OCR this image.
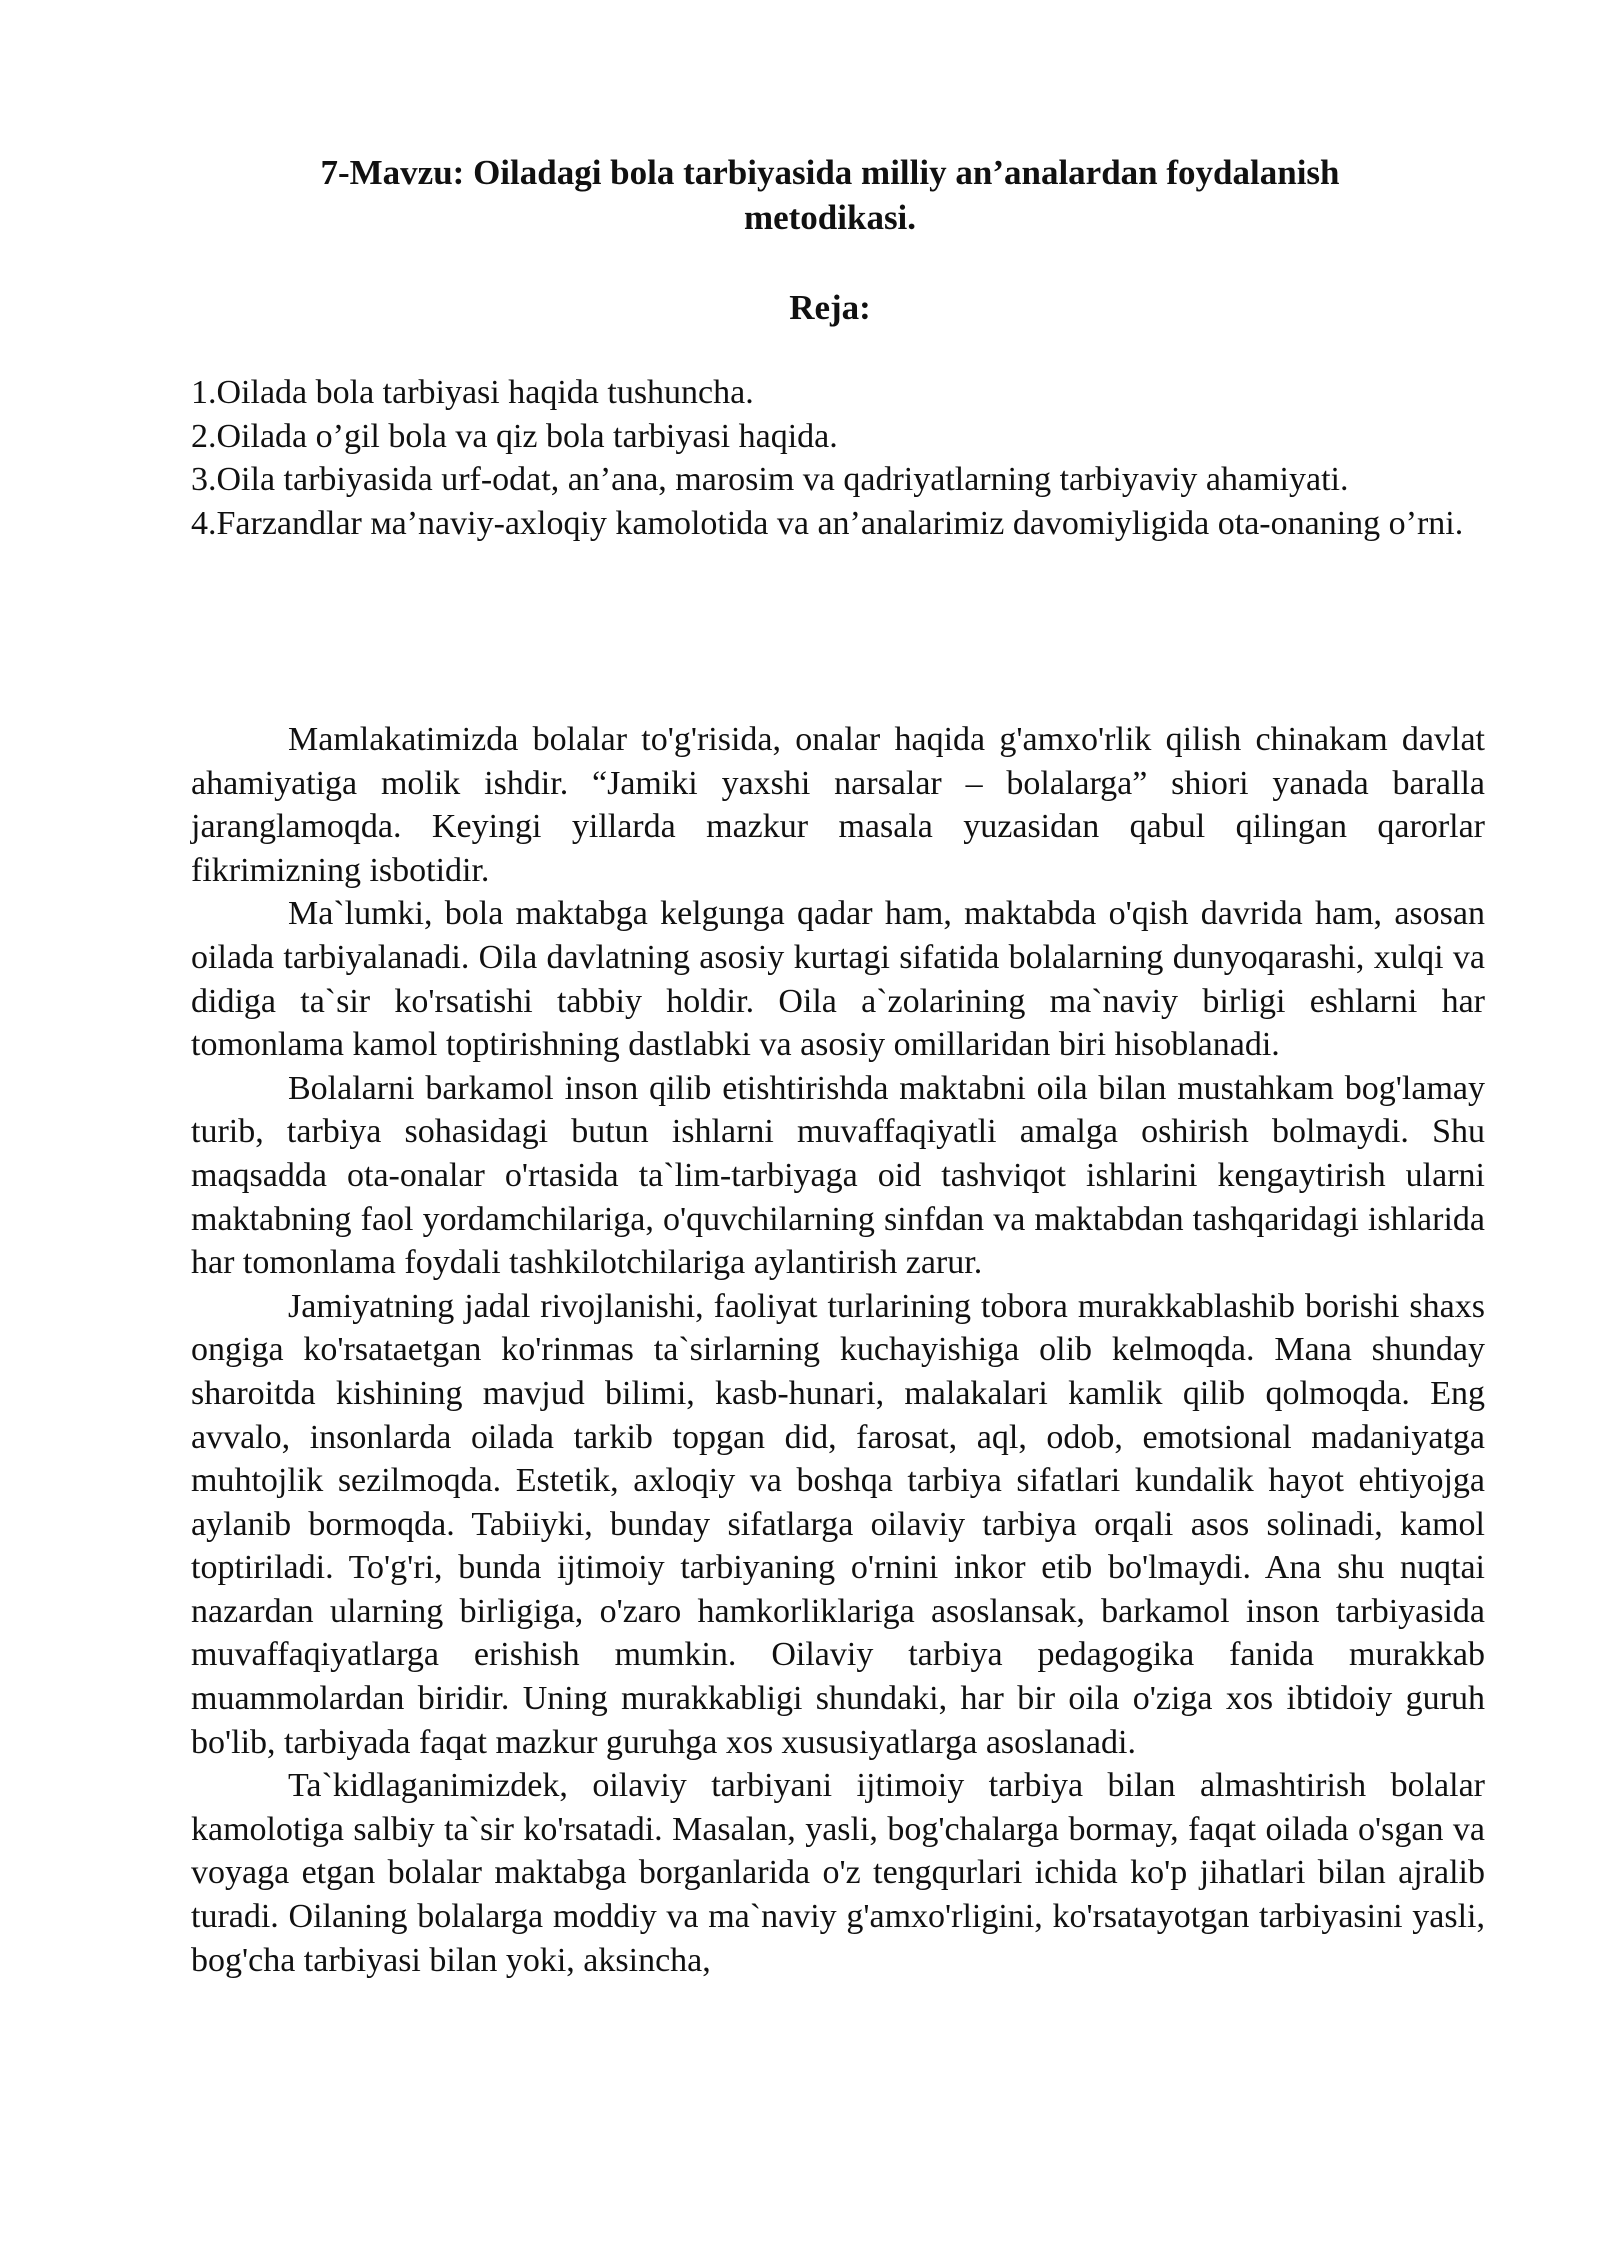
7-Mavzu: Oiladagi bola tarbiyasida milliy an’analardan foydalanish
metodikasi.
Reja:
1.Oilada bola tarbiyasi haqida tushuncha.
2.Oilada o’gil bola va qiz bola tarbiyasi haqida.
3.Oila tarbiyasida urf-odat, an’ana, marosim va qadriyatlarning tarbiyaviy ahamiyati.
4.Farzandlar ма’naviy-axloqiy kamolotida va an’analarimiz davomiyligida ota-onaning o’rni.

Mamlakatimizda bolalar to'g'risida, onalar haqida g'amxo'rlik qilish chinakam davlat ahamiyatiga molik ishdir. “Jamiki yaxshi narsalar – bolalarga” shiori yanada baralla jaranglamoqda. Keyingi yillarda mazkur masala yuzasidan qabul qilingan qarorlar fikrimizning isbotidir.

Ma`lumki, bola maktabga kelgunga qadar ham, maktabda o'qish davrida ham, asosan oilada tarbiyalanadi. Oila davlatning asosiy kurtagi sifatida bolalarning dunyoqarashi, xulqi va didiga ta`sir ko'rsatishi tabbiy holdir. Oila a`zolarining ma`naviy birligi eshlarni har tomonlama kamol toptirishning dastlabki va asosiy omillaridan biri hisoblanadi.

Bolalarni barkamol inson qilib etishtirishda maktabni oila bilan mustahkam bog'lamay turib, tarbiya sohasidagi butun ishlarni muvaffaqiyatli amalga oshirish bolmaydi. Shu maqsadda ota-onalar o'rtasida ta`lim-tarbiyaga oid tashviqot ishlarini kengaytirish ularni maktabning faol yordamchilariga, o'quvchilarning sinfdan va maktabdan tashqaridagi ishlarida har tomonlama foydali tashkilotchilariga aylantirish zarur.

Jamiyatning jadal rivojlanishi, faoliyat turlarining tobora murakkablashib borishi shaxs ongiga ko'rsataetgan ko'rinmas ta`sirlarning kuchayishiga olib kelmoqda. Mana shunday sharoitda kishining mavjud bilimi, kasb-hunari, malakalari kamlik qilib qolmoqda. Eng avvalo, insonlarda oilada tarkib topgan did, farosat, aql, odob, emotsional madaniyatga muhtojlik sezilmoqda. Estetik, axloqiy va boshqa tarbiya sifatlari kundalik hayot ehtiyojga aylanib bormoqda. Tabiiyki, bunday sifatlarga oilaviy tarbiya orqali asos solinadi, kamol toptiriladi. To'g'ri, bunda ijtimoiy tarbiyaning o'rnini inkor etib bo'lmaydi. Ana shu nuqtai nazardan ularning birligiga, o'zaro hamkorliklariga asoslansak, barkamol inson tarbiyasida muvaffaqiyatlarga erishish mumkin. Oilaviy tarbiya pedagogika fanida murakkab muammolardan biridir. Uning murakkabligi shundaki, har bir oila o'ziga xos ibtidoiy guruh bo'lib, tarbiyada faqat mazkur guruhga xos xususiyatlarga asoslanadi.

Ta`kidlaganimizdek, oilaviy tarbiyani ijtimoiy tarbiya bilan almashtirish bolalar kamolotiga salbiy ta`sir ko'rsatadi. Masalan, yasli, bog'chalarga bormay, faqat oilada o'sgan va voyaga etgan bolalar maktabga borganlarida o'z tengqurlari ichida ko'p jihatlari bilan ajralib turadi. Oilaning bolalarga moddiy va ma`naviy g'amxo'rligini, ko'rsatayotgan tarbiyasini yasli, bog'cha tarbiyasi bilan yoki, aksincha,
